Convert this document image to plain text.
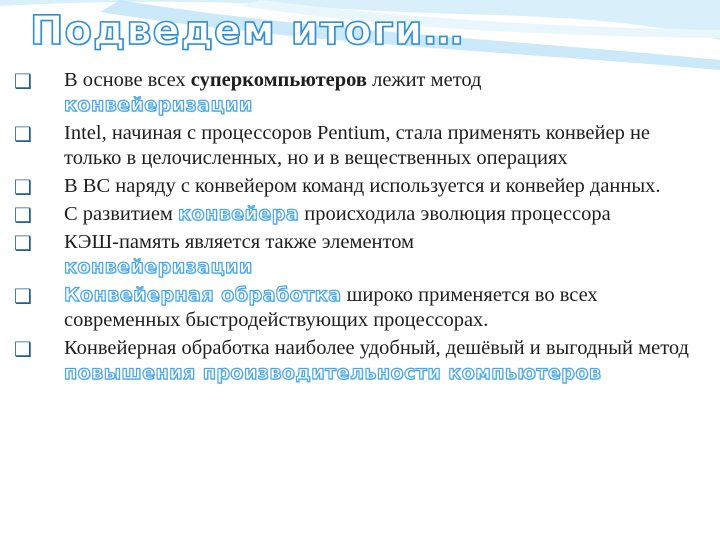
Подведем итоги…
❑ В основе всех суперкомпьютеров лежит метод
конвейеризации
❑ Intel, начиная с процессоров Pentium, стала применять конвейер не только в целочисленных, но и в вещественных операциях
❑ В ВС наряду с конвейером команд используется и конвейер данных.
❑ С развитием конвейера происходила эволюция процессора
❑ КЭШ-память является также элементом
конвейеризации
❑ Конвейерная обработка широко применяется во всех современных быстродействующих процессорах.
❑ Конвейерная обработка наиболее удобный, дешёвый и выгодный метод повышения производительности компьютеров
